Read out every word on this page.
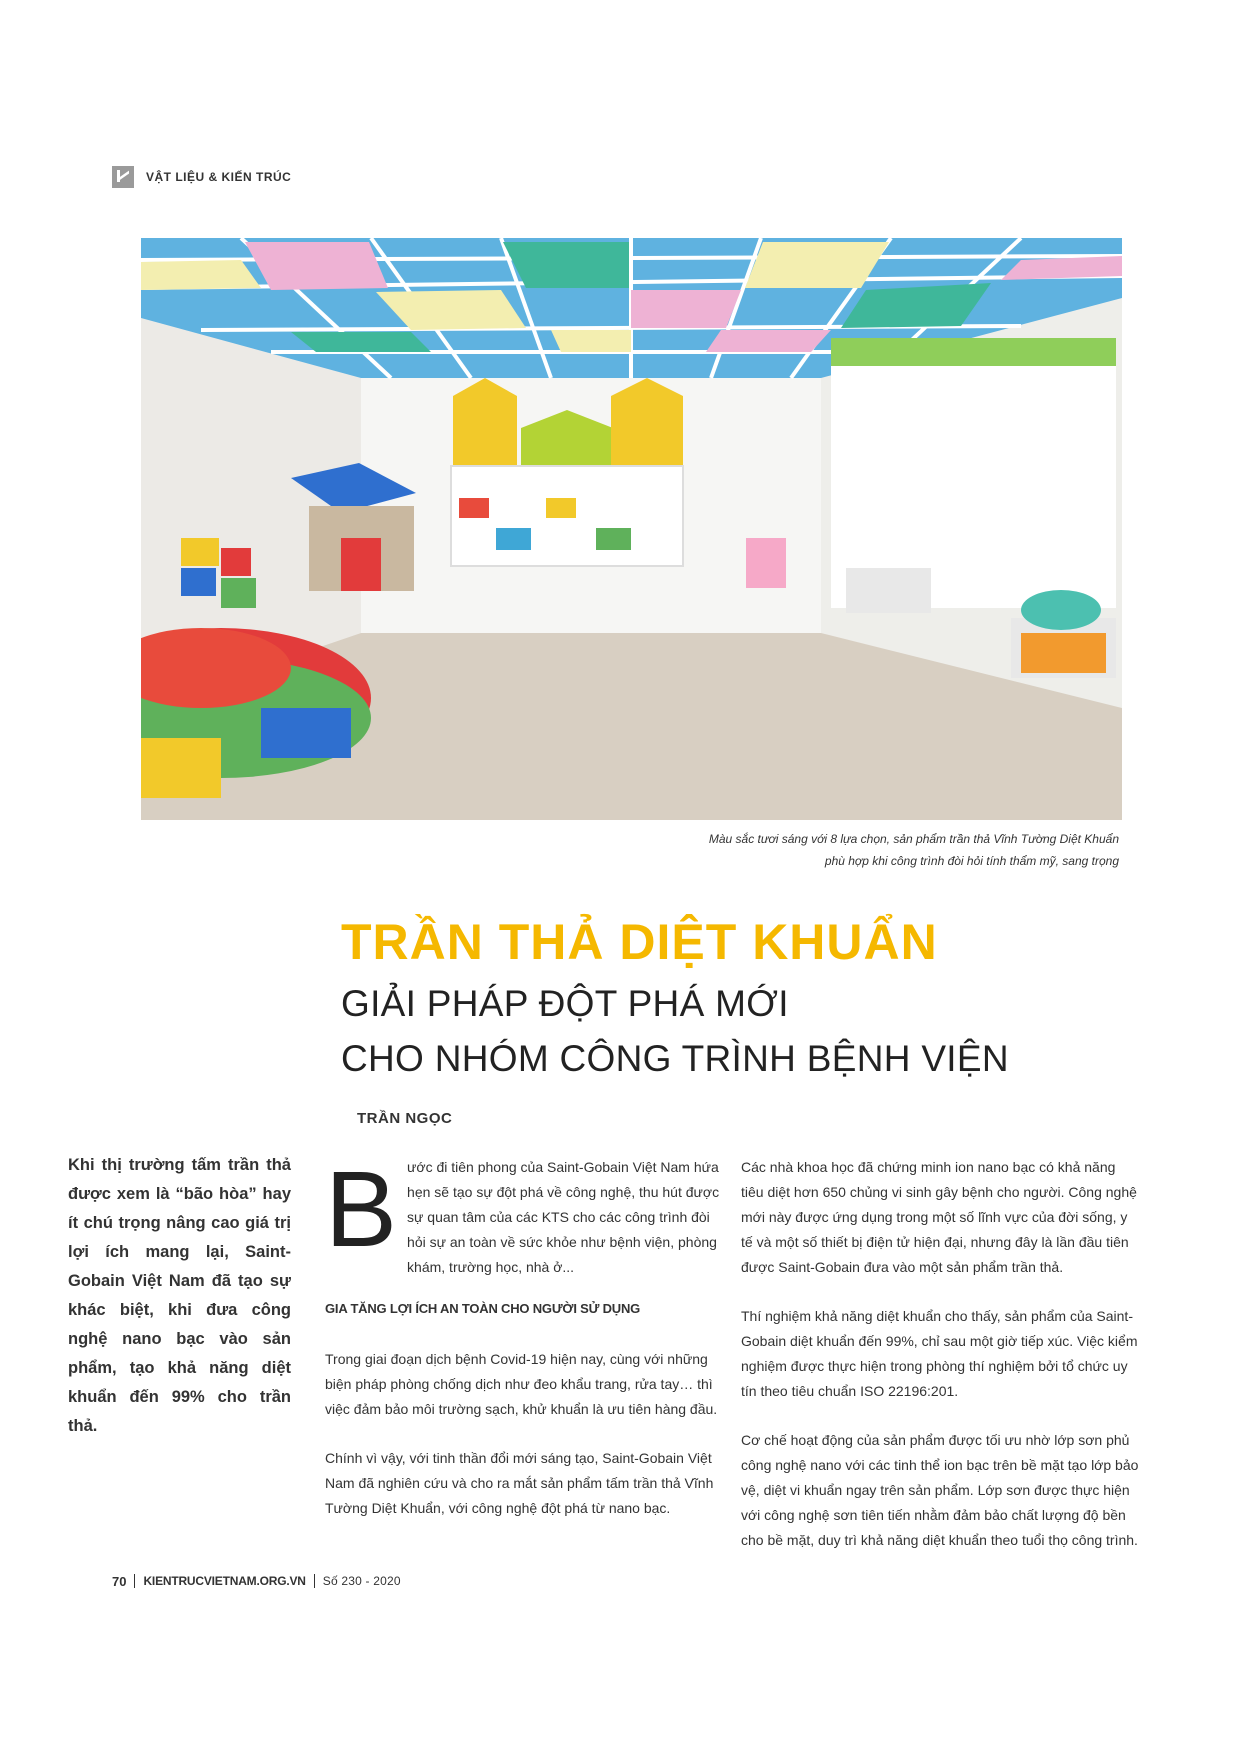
VẬT LIỆU & KIẾN TRÚC
Màu sắc tươi sáng với 8 lựa chọn, sản phẩm trần thả Vĩnh Tường Diệt Khuẩn
phù hợp khi công trình đòi hỏi tính thẩm mỹ, sang trọng
TRẦN THẢ DIỆT KHUẨN
GIẢI PHÁP ĐỘT PHÁ MỚI
CHO NHÓM CÔNG TRÌNH BỆNH VIỆN
TRẦN NGỌC
Khi thị trường tấm trần thả được xem là “bão hòa” hay ít chú trọng nâng cao giá trị lợi ích mang lại, Saint-Gobain Việt Nam đã tạo sự khác biệt, khi đưa công nghệ nano bạc vào sản phẩm, tạo khả năng diệt khuẩn đến 99% cho trần thả.

B ước đi tiên phong của Saint-Gobain Việt Nam hứa hẹn sẽ tạo sự đột phá về công nghệ, thu hút được sự quan tâm của các KTS cho các công trình đòi hỏi sự an toàn về sức khỏe như bệnh viện, phòng khám, trường học, nhà ở...

GIA TĂNG LỢI ÍCH AN TOÀN CHO NGƯỜI SỬ DỤNG

Trong giai đoạn dịch bệnh Covid-19 hiện nay, cùng với những biện pháp phòng chống dịch như đeo khẩu trang, rửa tay… thì việc đảm bảo môi trường sạch, khử khuẩn là ưu tiên hàng đầu.

Chính vì vậy, với tinh thần đổi mới sáng tạo, Saint-Gobain Việt Nam đã nghiên cứu và cho ra mắt sản phẩm tấm trần thả Vĩnh Tường Diệt Khuẩn, với công nghệ đột phá từ nano bạc.

Các nhà khoa học đã chứng minh ion nano bạc có khả năng tiêu diệt hơn 650 chủng vi sinh gây bệnh cho người. Công nghệ mới này được ứng dụng trong một số lĩnh vực của đời sống, y tế và một số thiết bị điện tử hiện đại, nhưng đây là lần đầu tiên được Saint-Gobain đưa vào một sản phẩm trần thả.

Thí nghiệm khả năng diệt khuẩn cho thấy, sản phẩm của Saint-Gobain diệt khuẩn đến 99%, chỉ sau một giờ tiếp xúc. Việc kiểm nghiệm được thực hiện trong phòng thí nghiệm bởi tổ chức uy tín theo tiêu chuẩn ISO 22196:201.

Cơ chế hoạt động của sản phẩm được tối ưu nhờ lớp sơn phủ công nghệ nano với các tinh thể ion bạc trên bề mặt tạo lớp bảo vệ, diệt vi khuẩn ngay trên sản phẩm. Lớp sơn được thực hiện với công nghệ sơn tiên tiến nhằm đảm bảo chất lượng độ bền cho bề mặt, duy trì khả năng diệt khuẩn theo tuổi thọ công trình.

70 KIENTRUCVIETNAM.ORG.VN Số 230 - 2020
